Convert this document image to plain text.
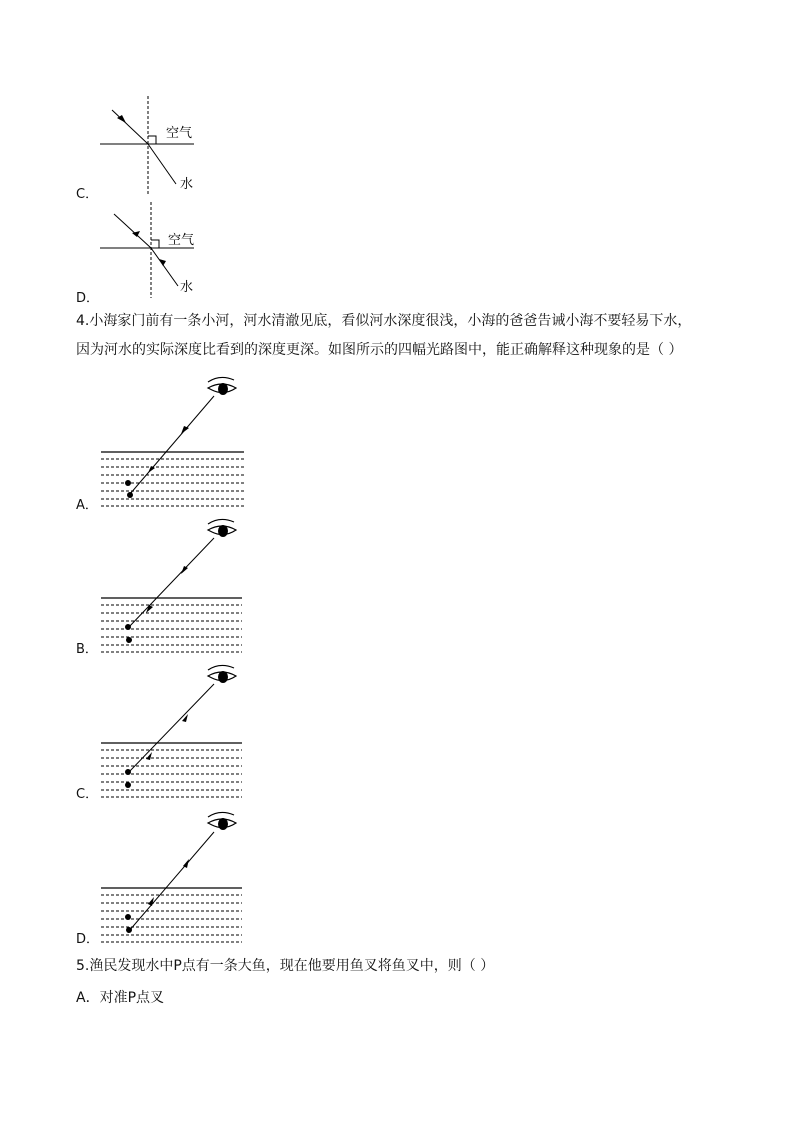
C．
空气
水
D．
空气
水
4.小海家门前有一条小河，河水清澈见底，看似河水深度很浅，小海的爸爸告诫小海不要轻易下水，
因为河水的实际深度比看到的深度更深。如图所示的四幅光路图中，能正确解释这种现象的是（ ）
A．
B．
C．
D．
5.渔民发现水中P点有一条大鱼，现在他要用鱼叉将鱼叉中，则（ ）
A．对准P点叉
